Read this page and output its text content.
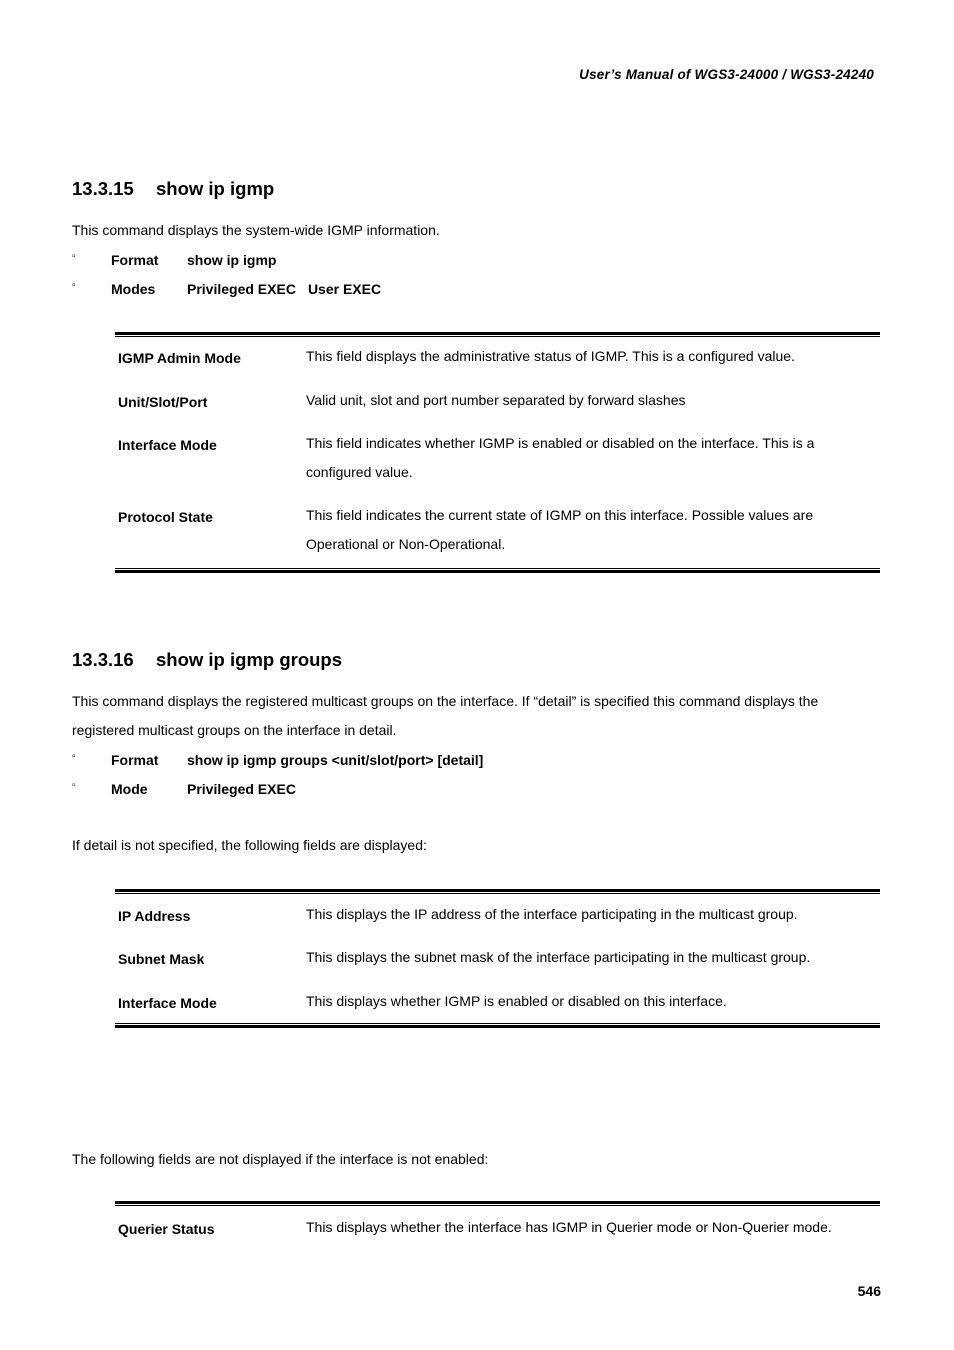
User’s Manual of WGS3-24000 / WGS3-24240
13.3.15 show ip igmp
This command displays the system-wide IGMP information.
▫	Format show ip igmp
▫	Modes Privileged EXEC User EXEC
IGMP Admin Mode	This field displays the administrative status of IGMP. This is a configured value.
Unit/Slot/Port	Valid unit, slot and port number separated by forward slashes
Interface Mode	This field indicates whether IGMP is enabled or disabled on the interface. This is a configured value.
Protocol State	This field indicates the current state of IGMP on this interface. Possible values are Operational or Non-Operational.
13.3.16 show ip igmp groups
This command displays the registered multicast groups on the interface. If “detail” is specified this command displays the registered multicast groups on the interface in detail.
▫	Format show ip igmp groups <unit/slot/port> [detail]
▫	Mode	Privileged EXEC
If detail is not specified, the following fields are displayed:
IP Address	This displays the IP address of the interface participating in the multicast group.
Subnet Mask	This displays the subnet mask of the interface participating in the multicast group.
Interface Mode	This displays whether IGMP is enabled or disabled on this interface.
The following fields are not displayed if the interface is not enabled:
Querier Status	This displays whether the interface has IGMP in Querier mode or Non-Querier mode.
546
